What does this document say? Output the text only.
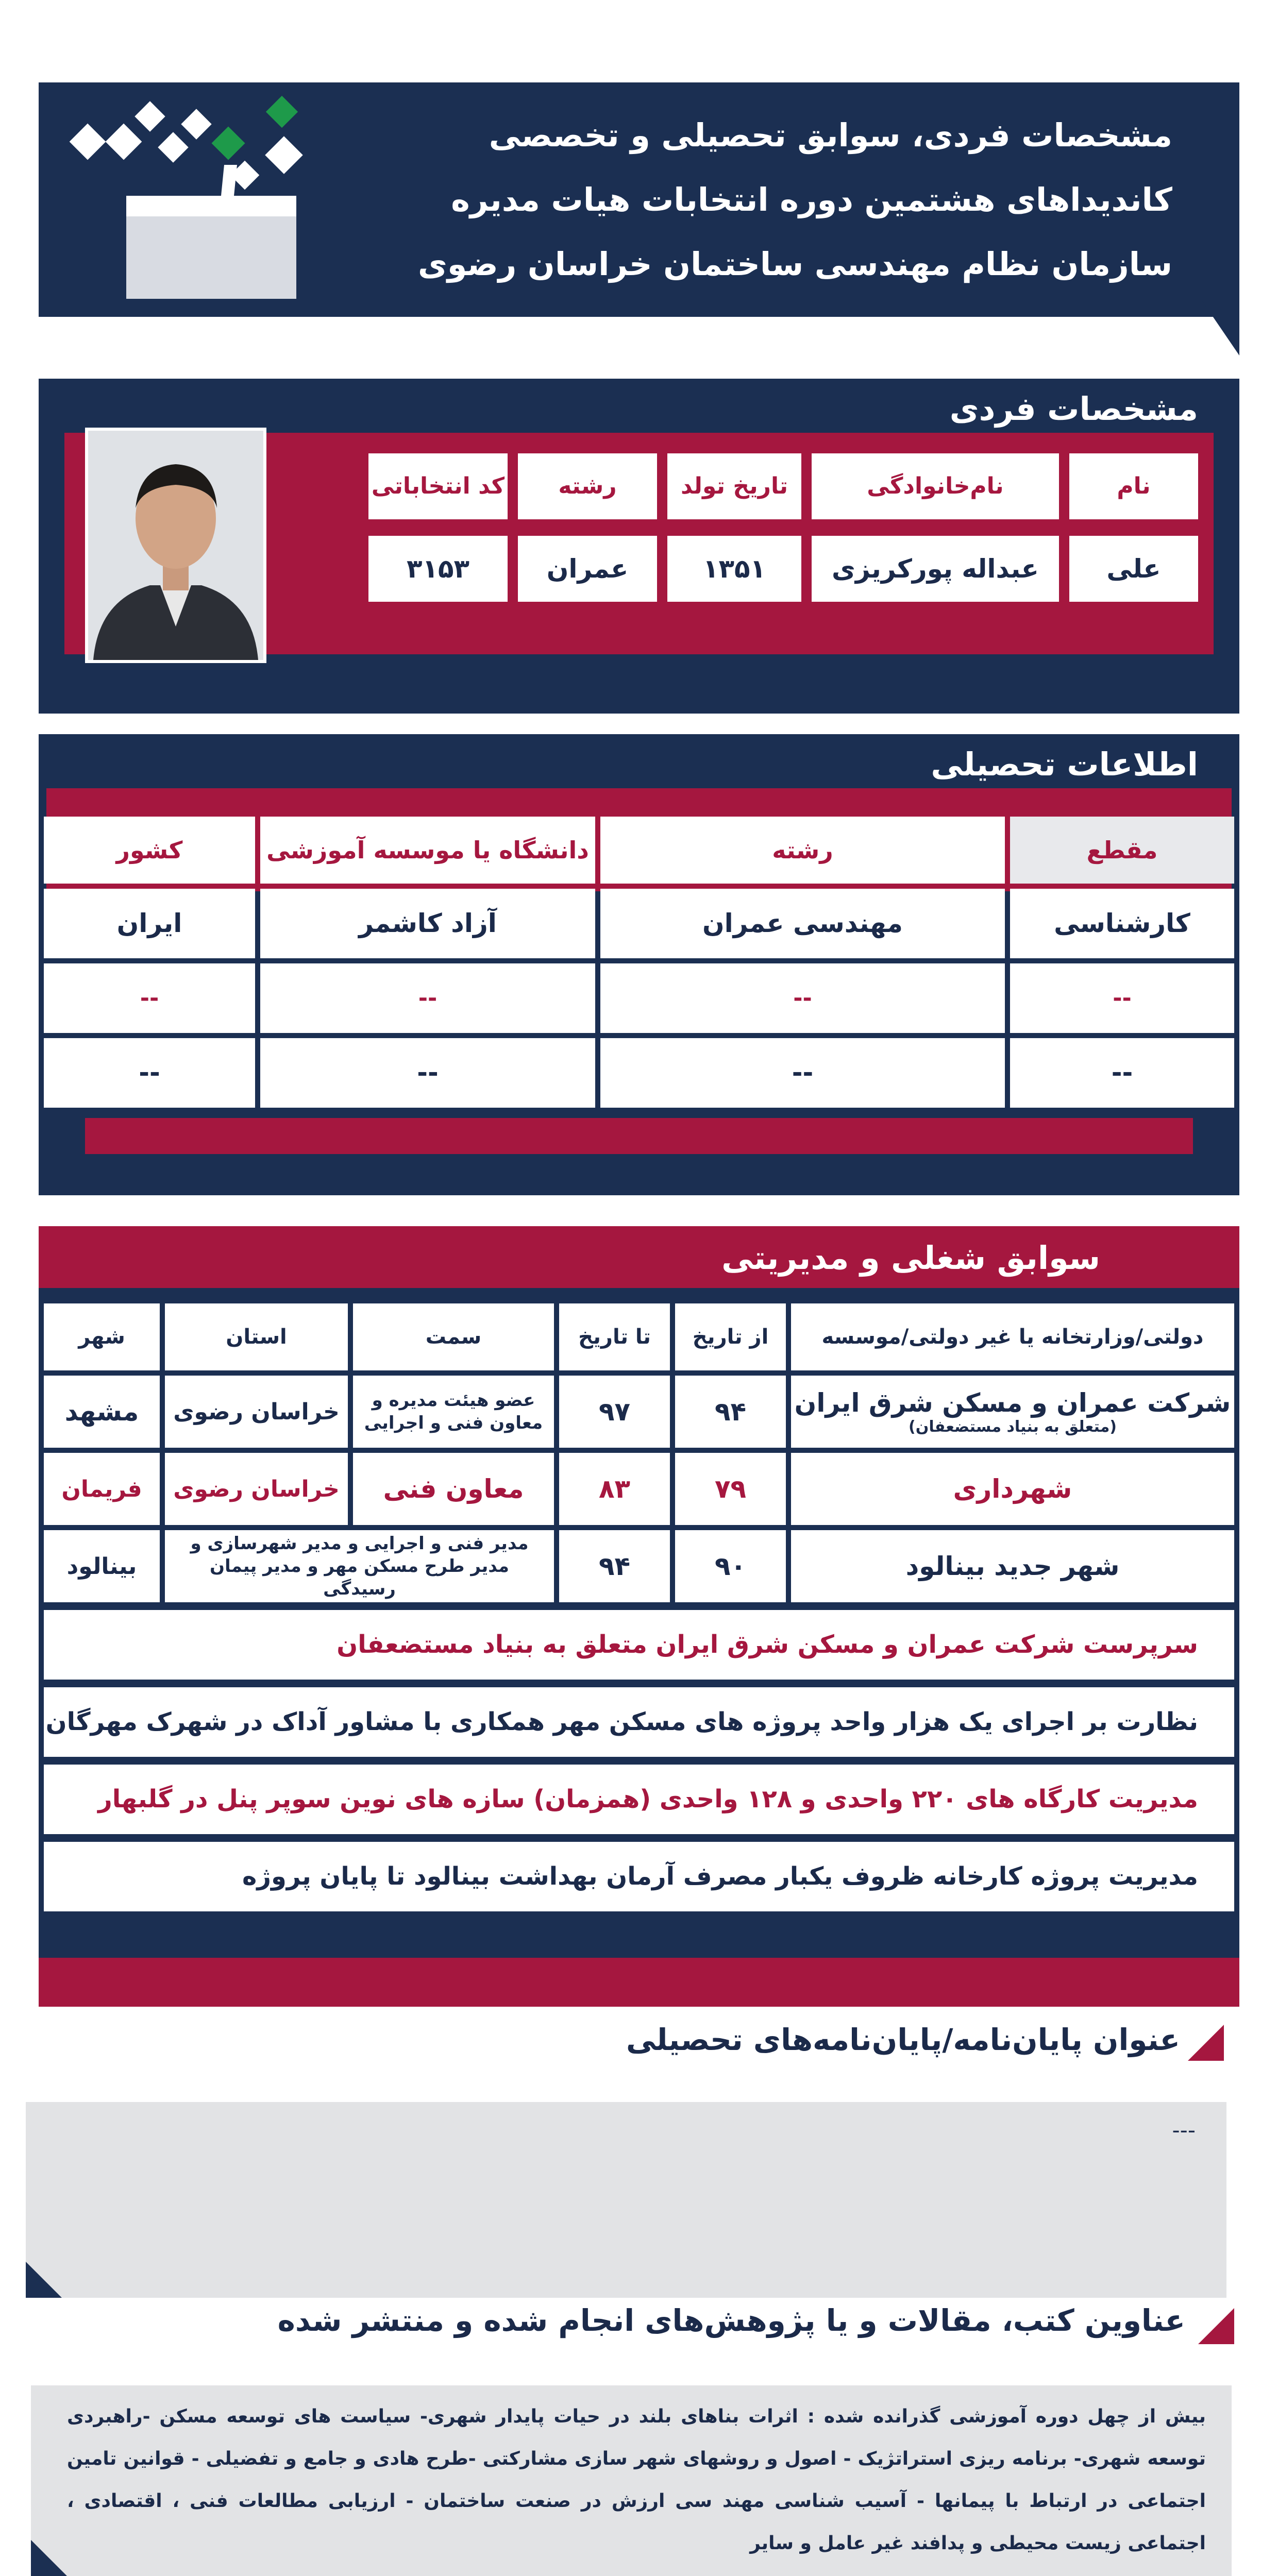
مشخصات فردی، سوابق تحصیلی و تخصصی کاندیداهای هشتمین دوره انتخابات هیات مدیره سازمان نظام مهندسی ساختمان خراسان رضوی
مشخصات فردی
نام
نام‌خانوادگی
تاریخ تولد
رشته
کد انتخاباتی
علی
عبداله پورکریزی
۱۳۵۱
عمران
۳۱۵۳
اطلاعات تحصیلی
مقطع
رشته
دانشگاه یا موسسه آموزشی
کشور
کارشناسی
مهندسی عمران
آزاد کاشمر
ایران
--
--
--
--
--
--
--
--
سوابق شغلی و مدیریتی
دولتی/وزارتخانه یا غیر دولتی/موسسه
از تاریخ
تا تاریخ
سمت
استان
شهر
شرکت عمران و مسکن شرق ایران
(متعلق به بنیاد مستضعفان)
۹۴
۹۷
عضو هیئت مدیره و معاون فنی و اجرایی
خراسان رضوی
مشهد
شهرداری
۷۹
۸۳
معاون فنی
خراسان رضوی
فریمان
شهر جدید بینالود
۹۰
۹۴
مدیر فنی و اجرایی و مدیر شهرسازی و مدیر طرح مسکن مهر و مدیر پیمان رسیدگی
بینالود
سرپرست شرکت عمران و مسکن شرق ایران متعلق به بنیاد مستضعفان
نظارت بر اجرای یک هزار واحد پروژه های مسکن مهر همکاری با مشاور آداک در شهرک مهرگان
مدیریت کارگاه های ۲۲۰ واحدی و ۱۲۸ واحدی (همزمان) سازه های نوین سوپر پنل در گلبهار
مدیریت پروژه کارخانه ظروف یکبار مصرف آرمان بهداشت بینالود تا پایان پروژه
عنوان پایان‌نامه/پایان‌نامه‌های تحصیلی
---
عناوین کتب، مقالات و یا پژوهش‌های انجام شده و منتشر شده
بیش از چهل دوره آموزشی گذرانده شده : اثرات بناهای بلند در حیات پایدار شهری- سیاست های توسعه مسکن -راهبردی توسعه شهری- برنامه ریزی استراتژیک - اصول و روشهای شهر سازی مشارکتی -طرح هادی و جامع و تفضیلی - قوانین تامین اجتماعی در ارتباط با پیمانها - آسیب شناسی مهند سی ارزش در صنعت ساختمان - ارزیابی مطالعات فنی ، اقتصادی ، اجتماعی زیست محیطی و پدافند غیر عامل و سایر
